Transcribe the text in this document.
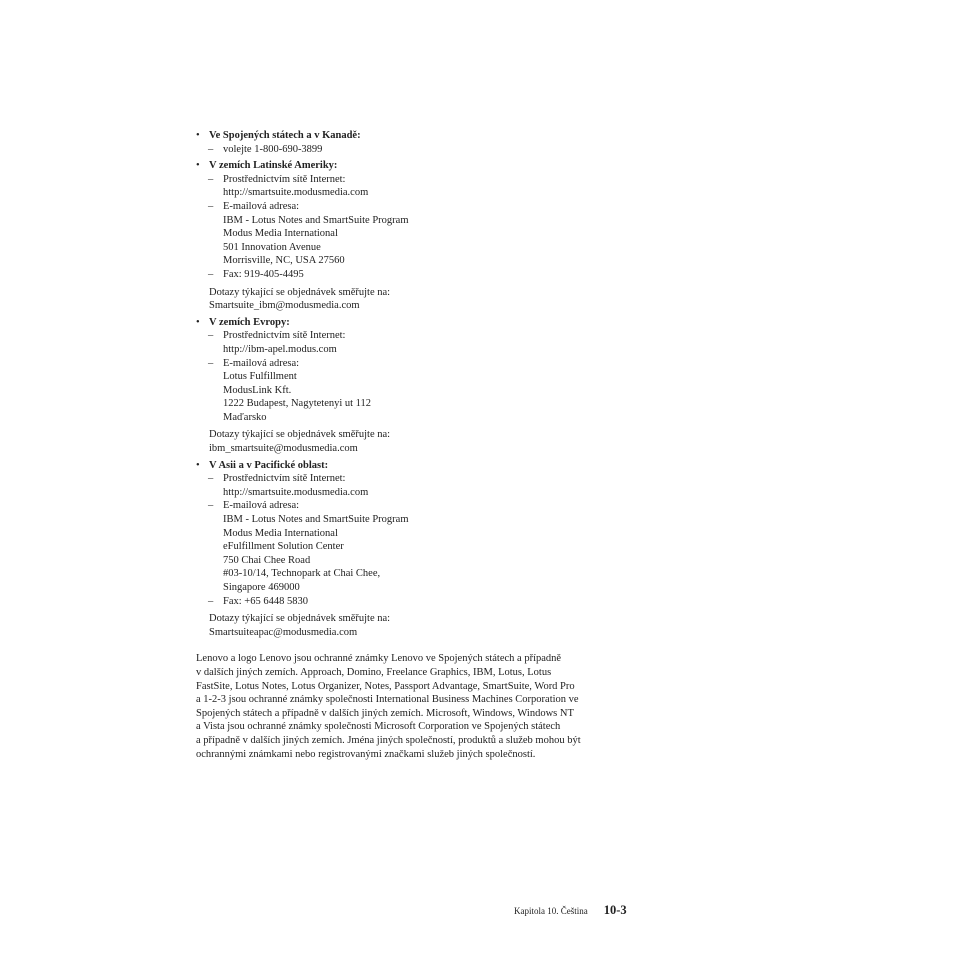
• Ve Spojených státech a v Kanadě:
– volejte 1-800-690-3899
• V zemích Latinské Ameriky:
– Prostřednictvím sítě Internet:
http://smartsuite.modusmedia.com
– E-mailová adresa:
IBM - Lotus Notes and SmartSuite Program
Modus Media International
501 Innovation Avenue
Morrisville, NC, USA 27560
– Fax: 919-405-4495
Dotazy týkající se objednávek směřujte na:
Smartsuite_ibm@modusmedia.com
• V zemích Evropy:
– Prostřednictvím sítě Internet:
http://ibm-apel.modus.com
– E-mailová adresa:
Lotus Fulfillment
ModusLink Kft.
1222 Budapest, Nagytetenyi ut 112
Maďarsko
Dotazy týkající se objednávek směřujte na:
ibm_smartsuite@modusmedia.com
• V Asii a v Pacifické oblast:
– Prostřednictvím sítě Internet:
http://smartsuite.modusmedia.com
– E-mailová adresa:
IBM - Lotus Notes and SmartSuite Program
Modus Media International
eFulfillment Solution Center
750 Chai Chee Road
#03-10/14, Technopark at Chai Chee,
Singapore 469000
– Fax: +65 6448 5830
Dotazy týkající se objednávek směřujte na:
Smartsuiteapac@modusmedia.com
Lenovo a logo Lenovo jsou ochranné známky Lenovo ve Spojených státech a případně
v dalších jiných zemích. Approach, Domino, Freelance Graphics, IBM, Lotus, Lotus
FastSite, Lotus Notes, Lotus Organizer, Notes, Passport Advantage, SmartSuite, Word Pro
a 1-2-3 jsou ochranné známky společnosti International Business Machines Corporation ve
Spojených státech a případně v dalších jiných zemích. Microsoft, Windows, Windows NT
a Vista jsou ochranné známky společnosti Microsoft Corporation ve Spojených státech
a případně v dalších jiných zemích. Jména jiných společností, produktů a služeb mohou být
ochrannými známkami nebo registrovanými značkami služeb jiných společností.
Kapitola 10. Čeština 10-3
